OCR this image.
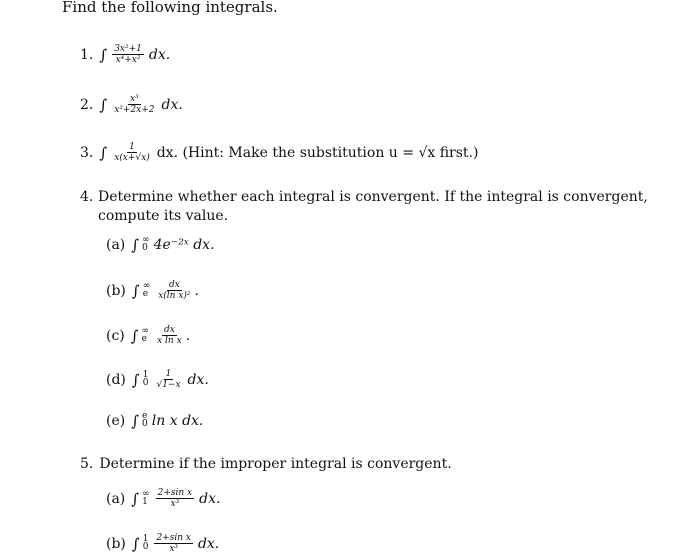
Find the following integrals.
1. ∫ $\frac{\text{3x²+1}}{\text{x⁴+x²}}$ dx.
2. ∫ $\frac{\text{x³}}{\text{x²+2x+2}}$ dx.
3. ∫ $\frac{1}{x(x+√x)}$ dx. (Hint: Make the substitution u = √x first.)
4. Determine whether each integral is convergent. If the integral is convergent, compute its value.
(a) ∫ ∞
0 4e⁻²ˣ dx.
(b) ∫ ∞
e $\frac{dx}{\text{x(ln x)²}}$ .
(c) ∫ ∞
e $\frac{dx}{\text{x ln x}}$ .
(d) ∫ 1
$0 \frac{1}{√1-x}$ dx.
(e) ∫ e
0 ln x dx.
5. Determine if the improper integral is convergent.
(a) ∫ ∞
$1 \frac{\text{2+sin x}}{\text{x³}}$ dx.
(b) ∫ 1
$0 \frac{\text{2+sin x}}{\text{x³}}$ dx.
